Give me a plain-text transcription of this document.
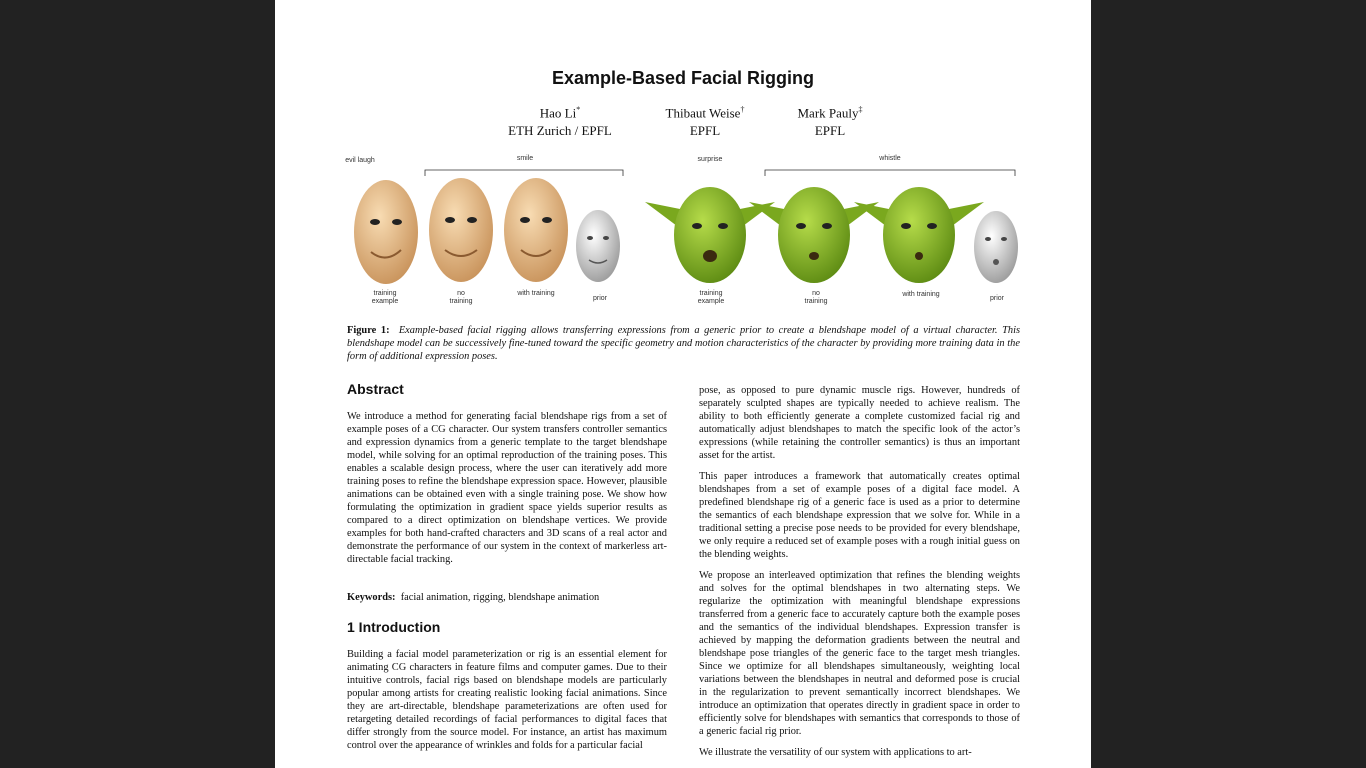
Example-Based Facial Rigging
Hao Li*
ETH Zurich / EPFL
Thibaut Weise†
EPFL
Mark Pauly‡
EPFL
evil laugh	smile	surprise	whistle
training example
no training
with training
prior
training example
no training
with training
prior
Figure 1: Example-based facial rigging allows transferring expressions from a generic prior to create a blendshape model of a virtual character. This blendshape model can be successively fine-tuned toward the specific geometry and motion characteristics of the character by providing more training data in the form of additional expression poses.
Abstract

We introduce a method for generating facial blendshape rigs from a set of example poses of a CG character. Our system transfers controller semantics and expression dynamics from a generic template to the target blendshape model, while solving for an optimal reproduction of the training poses. This enables a scalable design process, where the user can iteratively add more training poses to refine the blendshape expression space. However, plausible animations can be obtained even with a single training pose. We show how formulating the optimization in gradient space yields superior results as compared to a direct optimization on blendshape vertices. We provide examples for both hand-crafted characters and 3D scans of a real actor and demonstrate the performance of our system in the context of markerless art-directable facial tracking.

Keywords: facial animation, rigging, blendshape animation
1 Introduction

Building a facial model parameterization or rig is an essential element for animating CG characters in feature films and computer games. Due to their intuitive controls, facial rigs based on blendshape models are particularly popular among artists for creating realistic looking facial animations. Since they are art-directable, blendshape parameterizations are often used for retargeting detailed recordings of facial performances to digital faces that differ strongly from the source model. For instance, an artist has maximum control over the appearance of wrinkles and folds for a particular facial

pose, as opposed to pure dynamic muscle rigs. However, hundreds of separately sculpted shapes are typically needed to achieve realism. The ability to both efficiently generate a complete customized facial rig and automatically adjust blendshapes to match the specific look of the actor’s expressions (while retaining the controller semantics) is thus an important asset for the artist.

This paper introduces a framework that automatically creates optimal blendshapes from a set of example poses of a digital face model. A predefined blendshape rig of a generic face is used as a prior to determine the semantics of each blendshape expression that we solve for. While in a traditional setting a precise pose needs to be provided for every blendshape, we only require a reduced set of example poses with a rough initial guess on the blending weights.

We propose an interleaved optimization that refines the blending weights and solves for the optimal blendshapes in two alternating steps. We regularize the optimization with meaningful blendshape expressions transferred from a generic face to accurately capture both the example poses and the semantics of the individual blendshapes. Expression transfer is achieved by mapping the deformation gradients between the neutral and blendshape pose triangles of the generic face to the target mesh triangles. Since we optimize for all blendshapes simultaneously, weighting local variations between the blendshapes in neutral and deformed pose is crucial in the regularization to prevent semantically incorrect blendshapes. We introduce an optimization that operates directly in gradient space in order to efficiently solve for blendshapes with semantics that corresponds to those of a generic facial rig prior.

We illustrate the versatility of our system with applications to art-
